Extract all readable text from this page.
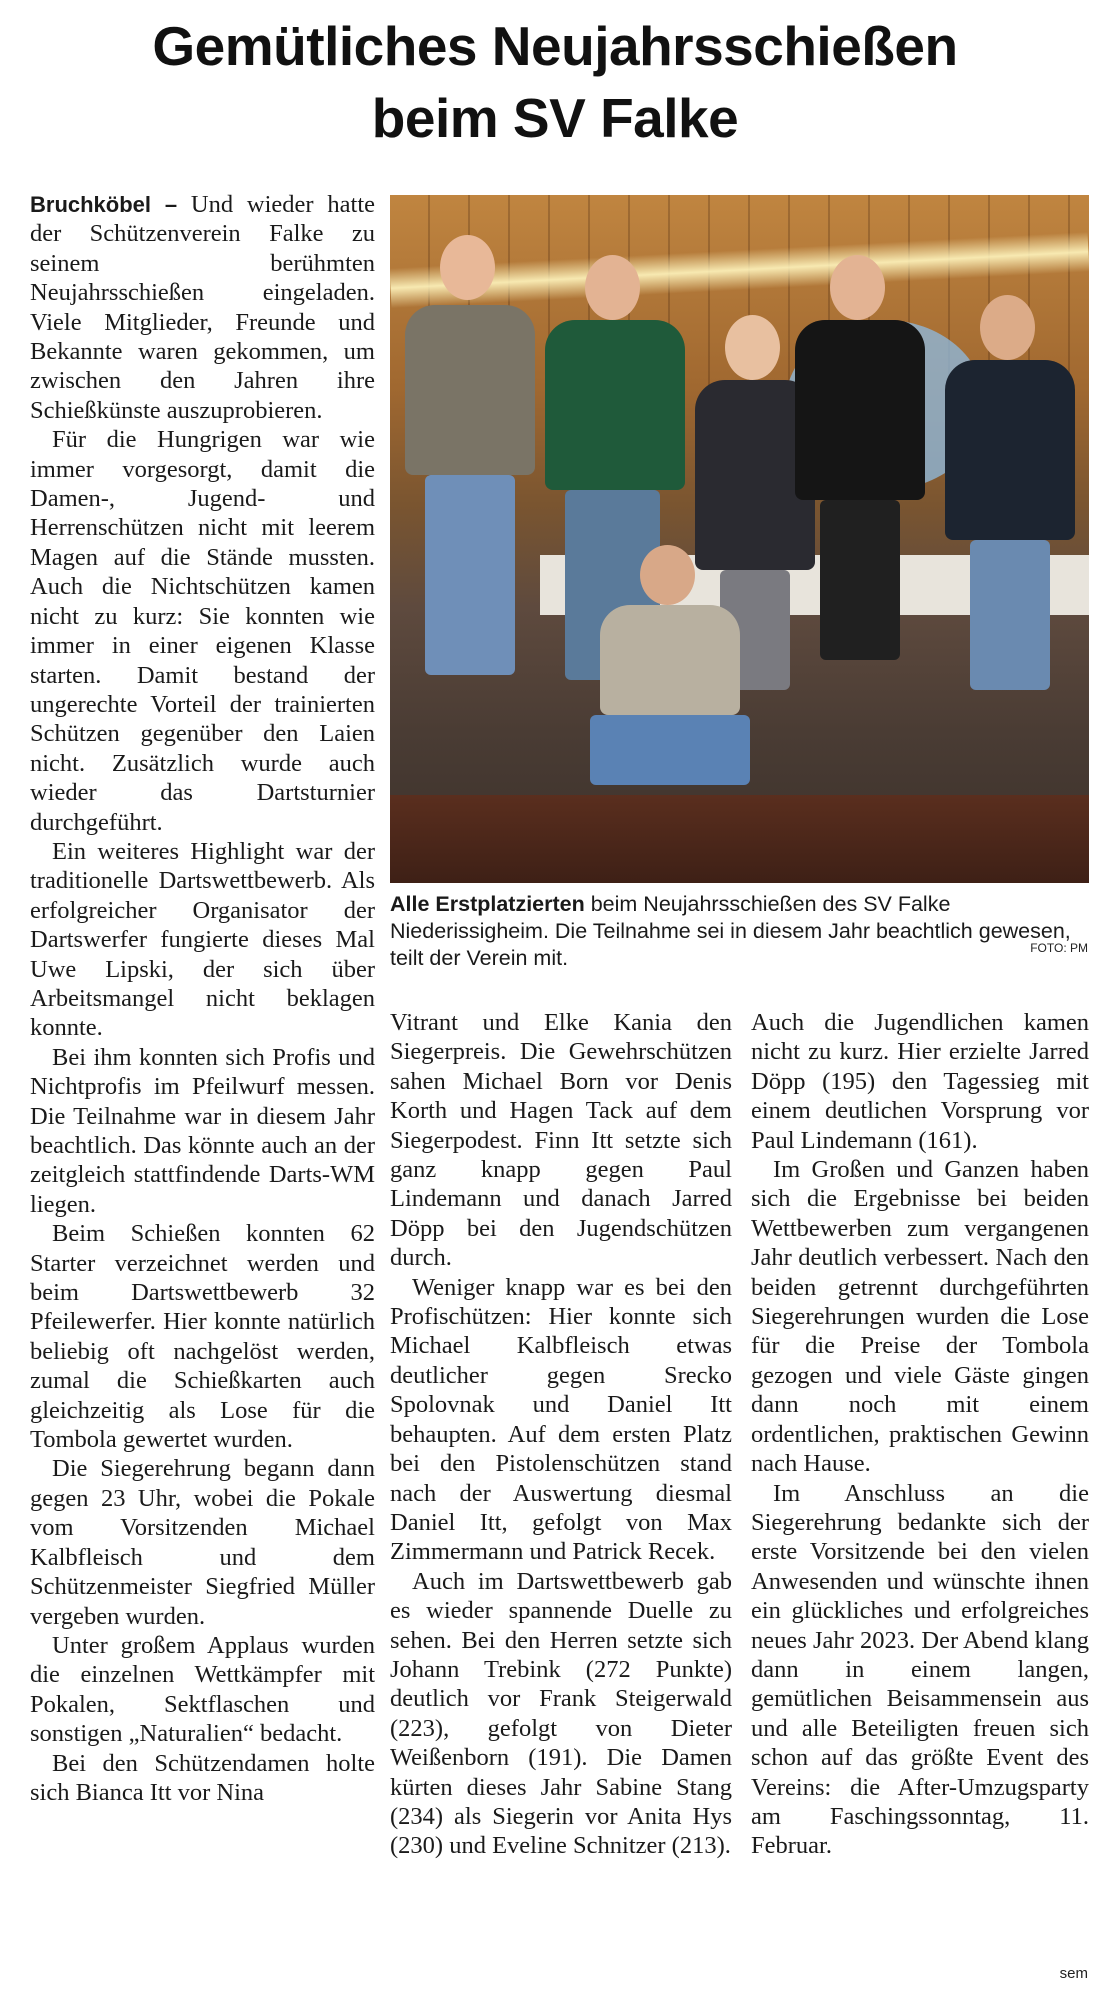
Gemütliches Neujahrsschießen
beim SV Falke
Alle Erstplatzierten beim Neujahrsschießen des SV Falke Niederissigheim. Die Teilnahme sei in diesem Jahr beachtlich gewesen, teilt der Verein mit.	FOTO: PM

Bruchköbel – Und wieder hatte der Schützenverein Falke zu seinem berühmten Neujahrsschießen eingeladen. Viele Mitglieder, Freunde und Bekannte waren gekommen, um zwischen den Jahren ihre Schießkünste auszuprobieren.

Für die Hungrigen war wie immer vorgesorgt, damit die Damen-, Jugend- und Herrenschützen nicht mit leerem Magen auf die Stände mussten. Auch die Nichtschützen kamen nicht zu kurz: Sie konnten wie immer in einer eigenen Klasse starten. Damit bestand der ungerechte Vorteil der trainierten Schützen gegenüber den Laien nicht. Zusätzlich wurde auch wieder das Dartsturnier durchgeführt.

Ein weiteres Highlight war der traditionelle Dartswettbewerb. Als erfolgreicher Organisator der Dartswerfer fungierte dieses Mal Uwe Lipski, der sich über Arbeitsmangel nicht beklagen konnte.

Bei ihm konnten sich Profis und Nichtprofis im Pfeilwurf messen. Die Teilnahme war in diesem Jahr beachtlich. Das könnte auch an der zeitgleich stattfindende Darts-WM liegen.

Beim Schießen konnten 62 Starter verzeichnet werden und beim Dartswettbewerb 32 Pfeilewerfer. Hier konnte natürlich beliebig oft nachgelöst werden, zumal die Schießkarten auch gleichzeitig als Lose für die Tombola gewertet wurden.

Die Siegerehrung begann dann gegen 23 Uhr, wobei die Pokale vom Vorsitzenden Michael Kalbfleisch und dem Schützenmeister Siegfried Müller vergeben wurden.

Unter großem Applaus wurden die einzelnen Wettkämpfer mit Pokalen, Sektflaschen und sonstigen „Naturalien“ bedacht.

Bei den Schützendamen holte sich Bianca Itt vor Nina

Vitrant und Elke Kania den Siegerpreis. Die Gewehrschützen sahen Michael Born vor Denis Korth und Hagen Tack auf dem Siegerpodest. Finn Itt setzte sich ganz knapp gegen Paul Lindemann und danach Jarred Döpp bei den Jugendschützen durch.

Weniger knapp war es bei den Profischützen: Hier konnte sich Michael Kalbfleisch etwas deutlicher gegen Srecko Spolovnak und Daniel Itt behaupten. Auf dem ersten Platz bei den Pistolenschützen stand nach der Auswertung diesmal Daniel Itt, gefolgt von Max Zimmermann und Patrick Recek.

Auch im Dartswettbewerb gab es wieder spannende Duelle zu sehen. Bei den Herren setzte sich Johann Trebink (272 Punkte) deutlich vor Frank Steigerwald (223), gefolgt von Dieter Weißenborn (191). Die Damen kürten dieses Jahr Sabine Stang (234) als Siegerin vor Anita Hys (230) und Eveline Schnitzer (213).

Auch die Jugendlichen kamen nicht zu kurz. Hier erzielte Jarred Döpp (195) den Tagessieg mit einem deutlichen Vorsprung vor Paul Lindemann (161).

Im Großen und Ganzen haben sich die Ergebnisse bei beiden Wettbewerben zum vergangenen Jahr deutlich verbessert. Nach den beiden getrennt durchgeführten Siegerehrungen wurden die Lose für die Preise der Tombola gezogen und viele Gäste gingen dann noch mit einem ordentlichen, praktischen Gewinn nach Hause.

Im Anschluss an die Siegerehrung bedankte sich der erste Vorsitzende bei den vielen Anwesenden und wünschte ihnen ein glückliches und erfolgreiches neues Jahr 2023. Der Abend klang dann in einem langen, gemütlichen Beisammensein aus und alle Beteiligten freuen sich schon auf das größte Event des Vereins: die After-Umzugsparty am Faschingssonntag, 11. Februar.

sem
